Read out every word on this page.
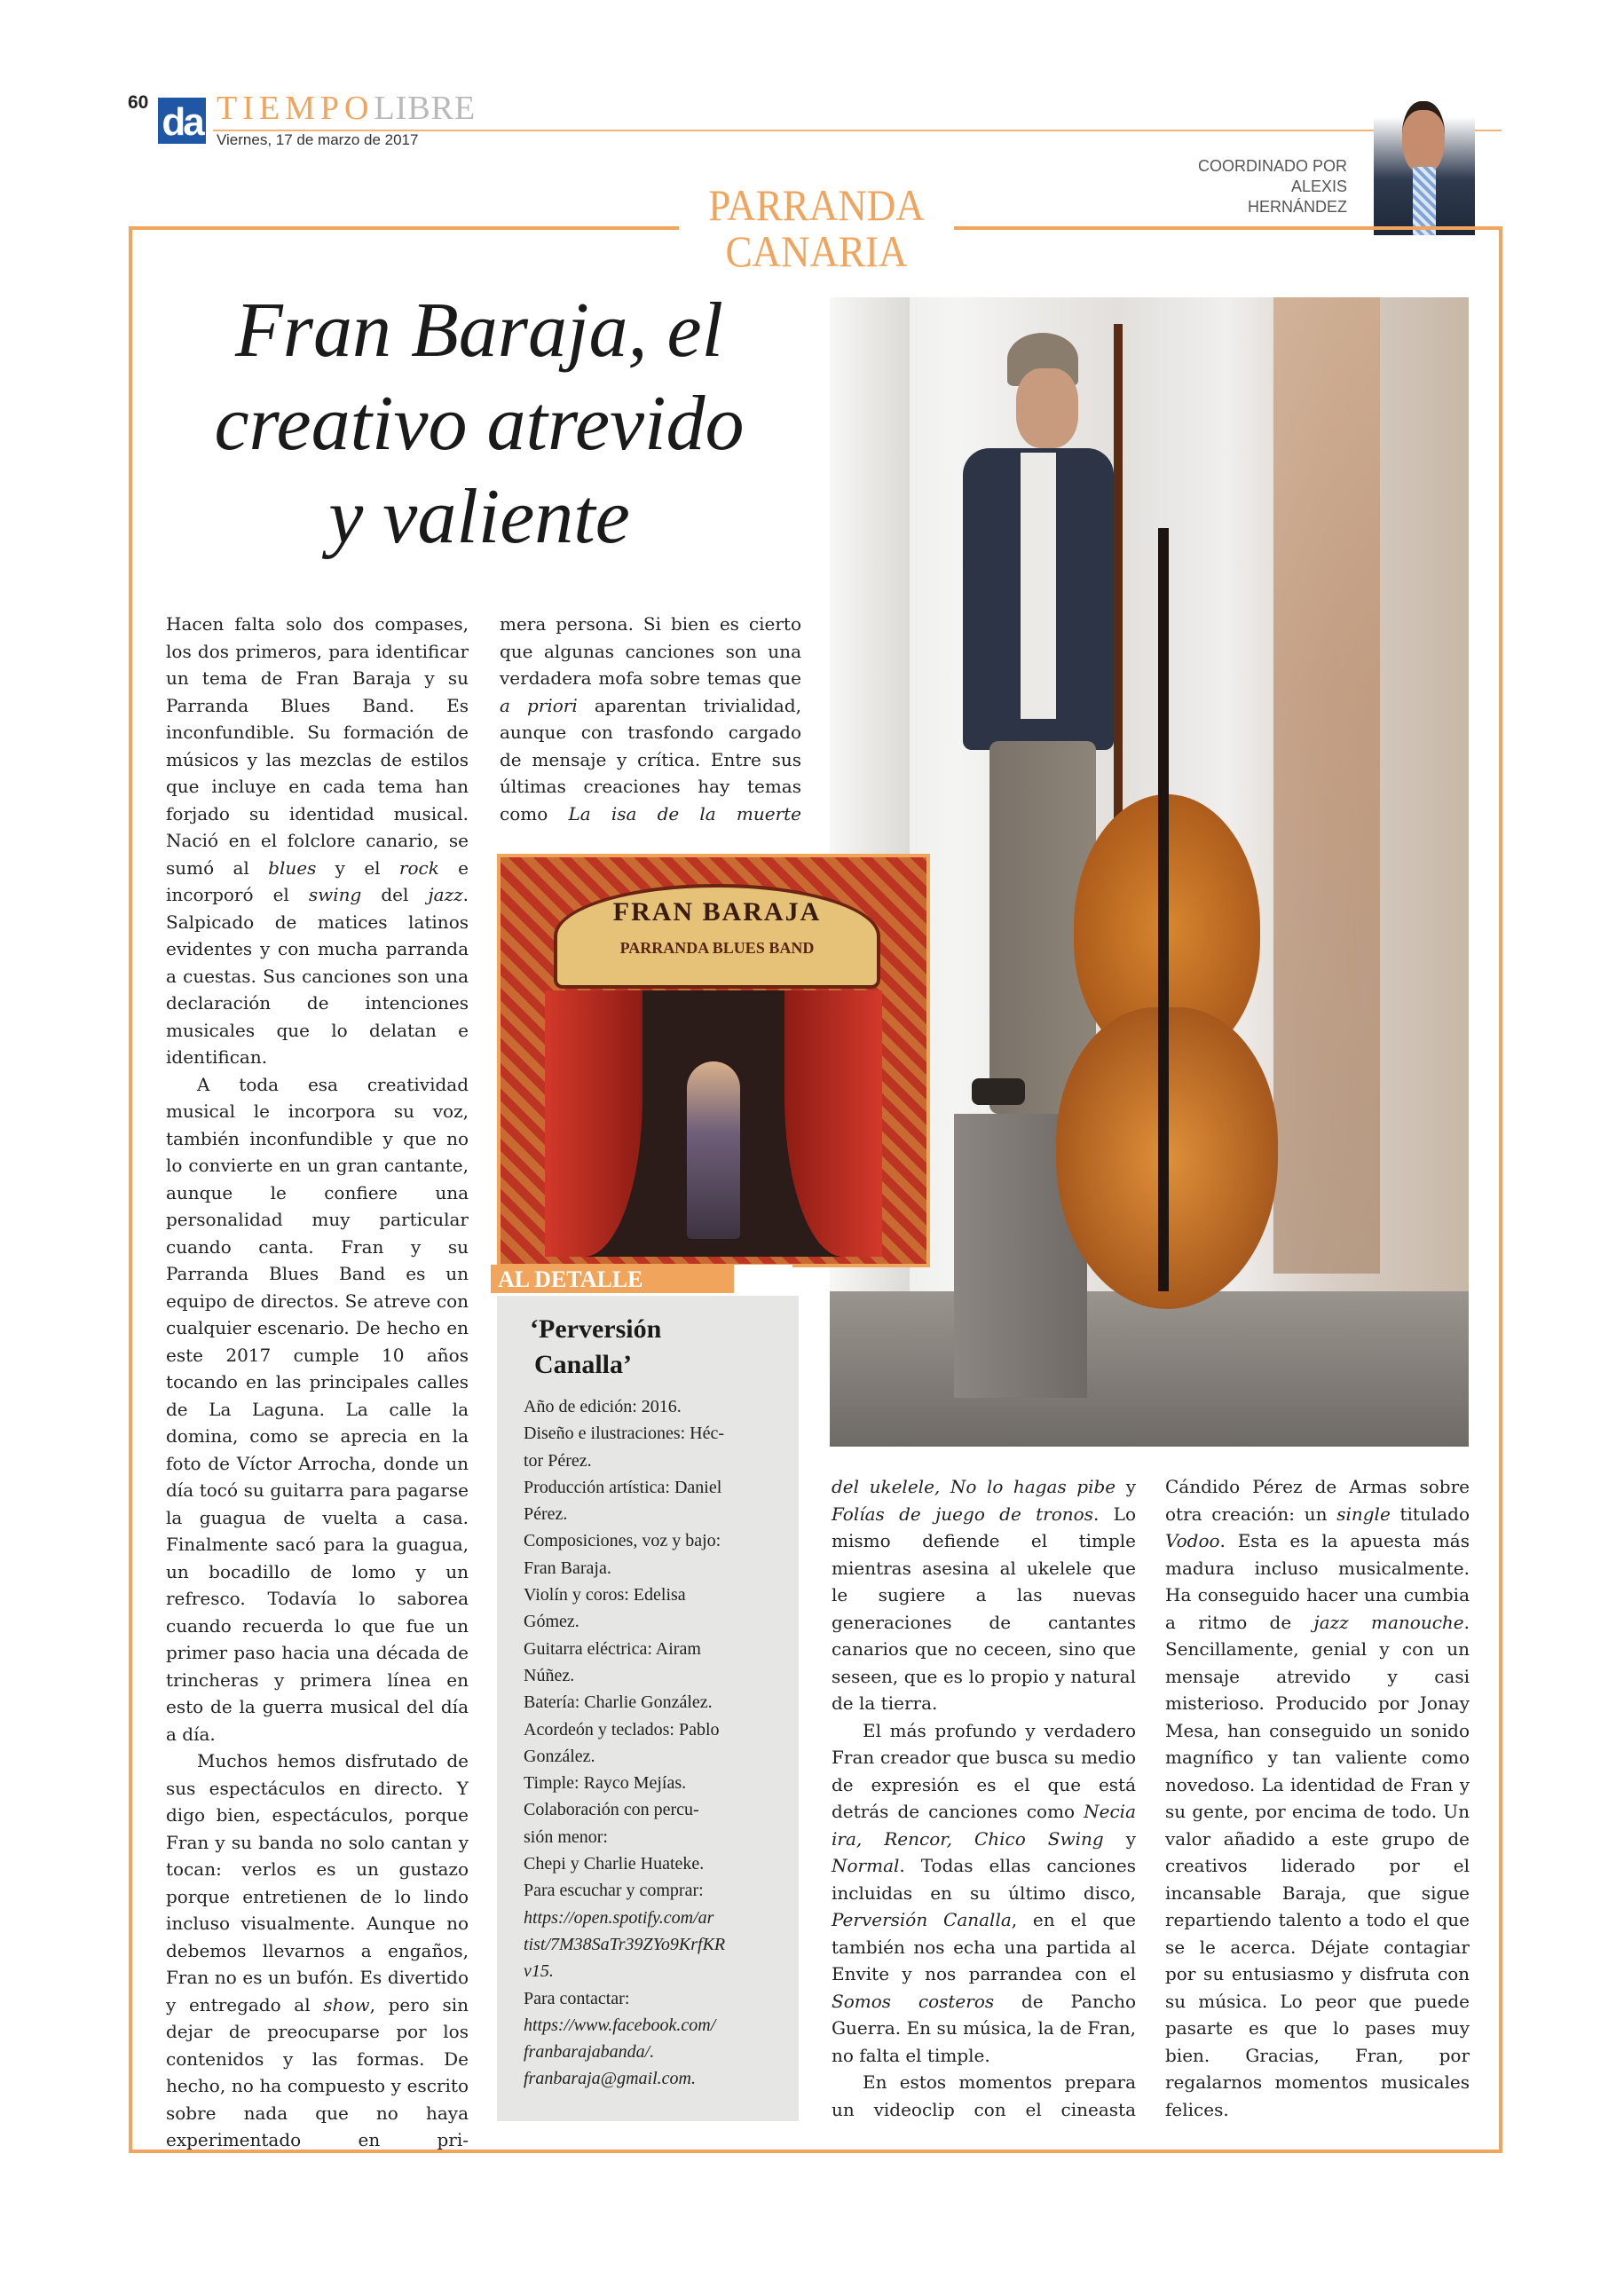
60 da TIEMPOLIBRE
Viernes, 17 de marzo de 2017
COORDINADO POR
ALEXIS
HERNÁNDEZ
PARRANDA
CANARIA
Fran Baraja, el
creativo atrevido
y valiente

Hacen falta solo dos compases, los dos primeros, para identificar un tema de Fran Baraja y su Parranda Blues Band. Es inconfundible. Su formación de músicos y las mezclas de estilos que incluye en cada tema han forjado su identidad musical. Nació en el folclore canario, se sumó al blues y el rock e incorporó el swing del jazz. Salpicado de matices latinos evidentes y con mucha parranda a cuestas. Sus canciones son una declaración de intenciones musicales que lo delatan e identifican.

A toda esa creatividad musical le incorpora su voz, también inconfundible y que no lo convierte en un gran cantante, aunque le confiere una personalidad muy particular cuando canta. Fran y su Parranda Blues Band es un equipo de directos. Se atreve con cualquier escenario. De hecho en este 2017 cumple 10 años tocando en las principales calles de La Laguna. La calle la domina, como se aprecia en la foto de Víctor Arrocha, donde un día tocó su guitarra para pagarse la guagua de vuelta a casa. Finalmente sacó para la guagua, un bocadillo de lomo y un refresco. Todavía lo saborea cuando recuerda lo que fue un primer paso hacia una década de trincheras y primera línea en esto de la guerra musical del día a día.

Muchos hemos disfrutado de sus espectáculos en directo. Y digo bien, espectáculos, porque Fran y su banda no solo cantan y tocan: verlos es un gustazo porque entretienen de lo lindo incluso visualmente. Aunque no debemos llevarnos a engaños, Fran no es un bufón. Es divertido y entregado al show, pero sin dejar de preocuparse por los contenidos y las formas. De hecho, no ha compuesto y escrito sobre nada que no haya experimentado en pri-

mera persona. Si bien es cierto que algunas canciones son una verdadera mofa sobre temas que a priori aparentan trivialidad, aunque con trasfondo cargado de mensaje y crítica. Entre sus últimas creaciones hay temas como La isa de la muerte

del ukelele, No lo hagas pibe y Folías de juego de tronos. Lo mismo defiende el timple mientras asesina al ukelele que le sugiere a las nuevas generaciones de cantantes canarios que no ceceen, sino que seseen, que es lo propio y natural de la tierra.

El más profundo y verdadero Fran creador que busca su medio de expresión es el que está detrás de canciones como Necia ira, Rencor, Chico Swing y Normal. Todas ellas canciones incluidas en su último disco, Perversión Canalla, en el que también nos echa una partida al Envite y nos parrandea con el Somos costeros de Pancho Guerra. En su música, la de Fran, no falta el timple.

En estos momentos prepara un videoclip con el cineasta

Cándido Pérez de Armas sobre otra creación: un single titulado Vodoo. Esta es la apuesta más madura incluso musicalmente. Ha conseguido hacer una cumbia a ritmo de jazz manouche. Sencillamente, genial y con un mensaje atrevido y casi misterioso. Producido por Jonay Mesa, han conseguido un sonido magnífico y tan valiente como novedoso. La identidad de Fran y su gente, por encima de todo. Un valor añadido a este grupo de creativos liderado por el incansable Baraja, que sigue repartiendo talento a todo el que se le acerca. Déjate contagiar por su entusiasmo y disfruta con su música. Lo peor que puede pasarte es que lo pases muy bien. Gracias, Fran, por regalarnos momentos musicales felices.

FRAN BARAJA
PARRANDA BLUES BAND
AL DETALLE
‘Perversión
Canalla’
Año de edición: 2016.
Diseño e ilustraciones: Héc-
tor Pérez.
Producción artística: Daniel
Pérez.
Composiciones, voz y bajo:
Fran Baraja.
Violín y coros: Edelisa
Gómez.
Guitarra eléctrica: Airam
Núñez.
Batería: Charlie González.
Acordeón y teclados: Pablo
González.
Timple: Rayco Mejías.
Colaboración con percu-
sión menor:
Chepi y Charlie Huateke.
Para escuchar y comprar:
https://open.spotify.com/ar
tist/7M38SaTr39ZYo9KrfKR
v15.
Para contactar:
https://www.facebook.com/
franbarajabanda/.
franbaraja@gmail.com.
